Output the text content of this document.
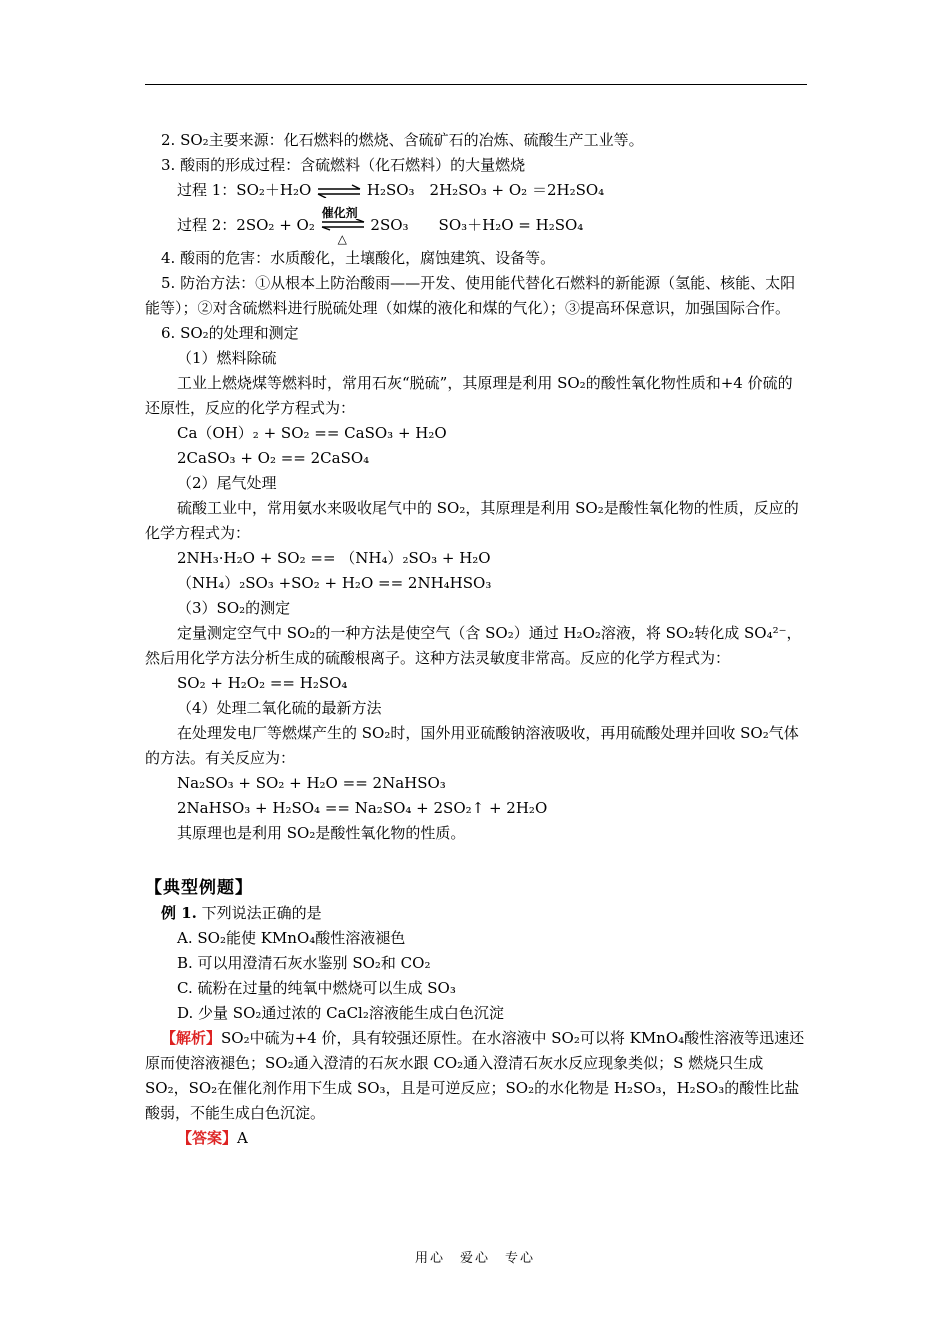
2. SO₂主要来源：化石燃料的燃烧、含硫矿石的冶炼、硫酸生产工业等。
3. 酸雨的形成过程：含硫燃料（化石燃料）的大量燃烧
过程 1：SO₂＋H₂O ⇌ H₂SO₃　2H₂SO₃ + O₂ ＝2H₂SO₄
过程 2：2SO₂ + O₂
催化剂
△
2SO₃　　SO₃＋H₂O = H₂SO₄
4. 酸雨的危害：水质酸化，土壤酸化，腐蚀建筑、设备等。
5. 防治方法：①从根本上防治酸雨——开发、使用能代替化石燃料的新能源（氢能、核能、太阳能等）；②对含硫燃料进行脱硫处理（如煤的液化和煤的气化）；③提高环保意识，加强国际合作。
6. SO₂的处理和测定
（1）燃料除硫
工业上燃烧煤等燃料时，常用石灰“脱硫”，其原理是利用 SO₂的酸性氧化物性质和+4 价硫的还原性，反应的化学方程式为：
Ca（OH）₂ + SO₂ == CaSO₃ + H₂O
2CaSO₃ + O₂ == 2CaSO₄
（2）尾气处理
硫酸工业中，常用氨水来吸收尾气中的 SO₂，其原理是利用 SO₂是酸性氧化物的性质，反应的化学方程式为：
2NH₃·H₂O + SO₂ == （NH₄）₂SO₃ + H₂O
（NH₄）₂SO₃ +SO₂ + H₂O == 2NH₄HSO₃
（3）SO₂的测定
定量测定空气中 SO₂的一种方法是使空气（含 SO₂）通过 H₂O₂溶液，将 SO₂转化成 SO₄²⁻，然后用化学方法分析生成的硫酸根离子。这种方法灵敏度非常高。反应的化学方程式为：
SO₂ + H₂O₂ == H₂SO₄
（4）处理二氧化硫的最新方法
在处理发电厂等燃煤产生的 SO₂时，国外用亚硫酸钠溶液吸收，再用硫酸处理并回收 SO₂气体的方法。有关反应为：
Na₂SO₃ + SO₂ + H₂O == 2NaHSO₃
2NaHSO₃ + H₂SO₄ == Na₂SO₄ + 2SO₂↑ + 2H₂O
其原理也是利用 SO₂是酸性氧化物的性质。
【典型例题】
例 1. 下列说法正确的是
A. SO₂能使 KMnO₄酸性溶液褪色
B. 可以用澄清石灰水鉴别 SO₂和 CO₂
C. 硫粉在过量的纯氧中燃烧可以生成 SO₃
D. 少量 SO₂通过浓的 CaCl₂溶液能生成白色沉淀
【解析】SO₂中硫为+4 价，具有较强还原性。在水溶液中 SO₂可以将 KMnO₄酸性溶液等迅速还原而使溶液褪色；SO₂通入澄清的石灰水跟 CO₂通入澄清石灰水反应现象类似；S 燃烧只生成 SO₂，SO₂在催化剂作用下生成 SO₃，且是可逆反应；SO₂的水化物是 H₂SO₃，H₂SO₃的酸性比盐酸弱，不能生成白色沉淀。
【答案】A
用心　爱心　专心
